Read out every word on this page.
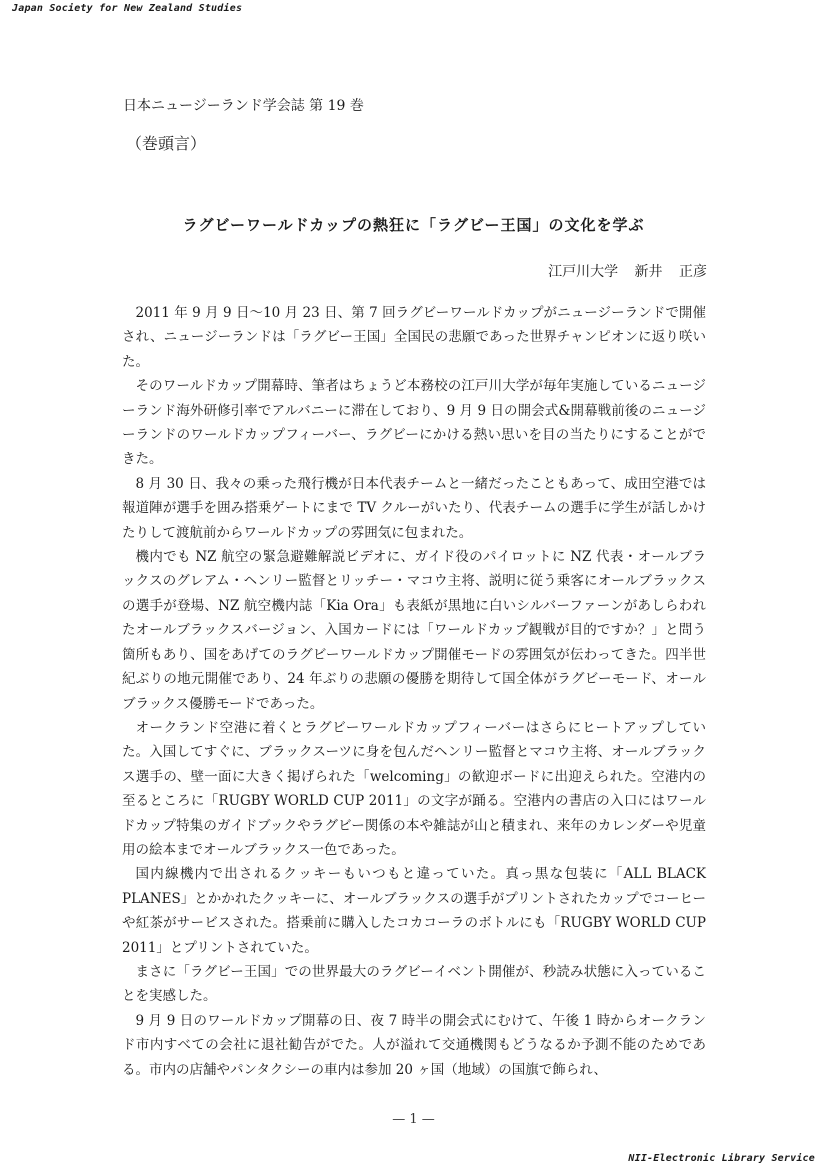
Japan Society for New Zealand Studies
日本ニュージーランド学会誌 第 19 巻
（巻頭言）
ラグビーワールドカップの熱狂に「ラグビー王国」の文化を学ぶ
江戸川大学 新井 正彦

2011 年 9 月 9 日〜10 月 23 日、第 7 回ラグビーワールドカップがニュージーランドで開催され、ニュージーランドは「ラグビー王国」全国民の悲願であった世界チャンピオンに返り咲いた。

そのワールドカップ開幕時、筆者はちょうど本務校の江戸川大学が毎年実施しているニュージーランド海外研修引率でアルバニーに滞在しており、9 月 9 日の開会式&開幕戦前後のニュージーランドのワールドカップフィーバー、ラグビーにかける熱い思いを目の当たりにすることができた。

8 月 30 日、我々の乗った飛行機が日本代表チームと一緒だったこともあって、成田空港では報道陣が選手を囲み搭乗ゲートにまで TV クルーがいたり、代表チームの選手に学生が話しかけたりして渡航前からワールドカップの雰囲気に包まれた。

機内でも NZ 航空の緊急避難解説ビデオに、ガイド役のパイロットに NZ 代表・オールブラックスのグレアム・ヘンリー監督とリッチー・マコウ主将、説明に従う乗客にオールブラックスの選手が登場、NZ 航空機内誌「Kia Ora」も表紙が黒地に白いシルバーファーンがあしらわれたオールブラックスバージョン、入国カードには「ワールドカップ観戦が目的ですか？」と問う箇所もあり、国をあげてのラグビーワールドカップ開催モードの雰囲気が伝わってきた。四半世紀ぶりの地元開催であり、24 年ぶりの悲願の優勝を期待して国全体がラグビーモード、オールブラックス優勝モードであった。

オークランド空港に着くとラグビーワールドカップフィーバーはさらにヒートアップしていた。入国してすぐに、ブラックスーツに身を包んだヘンリー監督とマコウ主将、オールブラックス選手の、壁一面に大きく掲げられた「welcoming」の歓迎ボードに出迎えられた。空港内の至るところに「RUGBY WORLD CUP 2011」の文字が踊る。空港内の書店の入口にはワールドカップ特集のガイドブックやラグビー関係の本や雑誌が山と積まれ、来年のカレンダーや児童用の絵本までオールブラックス一色であった。

国内線機内で出されるクッキーもいつもと違っていた。真っ黒な包装に「ALL BLACK PLANES」とかかれたクッキーに、オールブラックスの選手がプリントされたカップでコーヒーや紅茶がサービスされた。搭乗前に購入したコカコーラのボトルにも「RUGBY WORLD CUP 2011」とプリントされていた。

まさに「ラグビー王国」での世界最大のラグビーイベント開催が、秒読み状態に入っていることを実感した。

9 月 9 日のワールドカップ開幕の日、夜 7 時半の開会式にむけて、午後 1 時からオークランド市内すべての会社に退社勧告がでた。人が溢れて交通機関もどうなるか予測不能のためである。市内の店舗やパンタクシーの車内は参加 20 ヶ国（地域）の国旗で飾られ、

— 1 —
NII-Electronic Library Service
